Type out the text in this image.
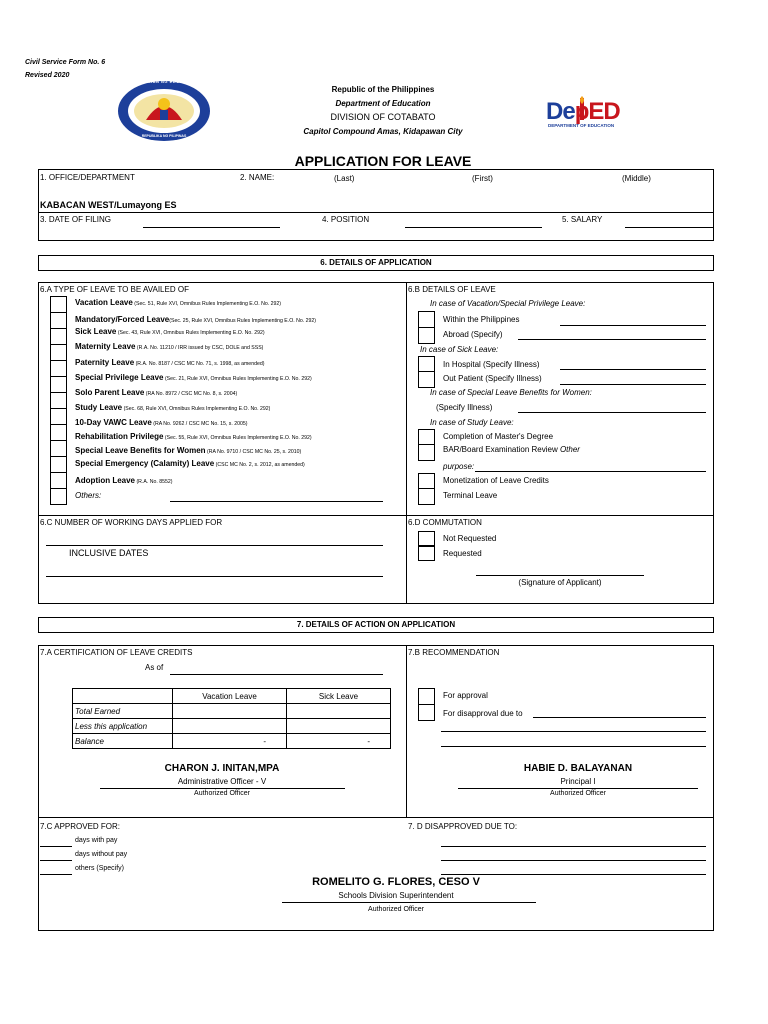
Civil Service Form No. 6
Revised 2020
KAGAWARAN NG EDUKASYON
REPUBLIKA NG PILIPINAS
Republic of the Philippines
Department of Education
DIVISION OF COTABATO
Capitol Compound Amas, Kidapawan City
DepED
DEPARTMENT OF EDUCATION
APPLICATION FOR LEAVE
1. OFFICE/DEPARTMENT	2. NAME:	(Last)	(First)	(Middle)
KABACAN WEST/Lumayong ES
3. DATE OF FILING	4. POSITION	5. SALARY
6. DETAILS OF APPLICATION
6.A TYPE OF LEAVE TO BE AVAILED OF
Vacation Leave (Sec. 51, Rule XVI, Omnibus Rules Implementing E.O. No. 292)
Mandatory/Forced Leave(Sec. 25, Rule XVI, Omnibus Rules Implementing E.O. No. 292)
Sick Leave (Sec. 43, Rule XVI, Omnibus Rules Implementing E.O. No. 292)
Maternity Leave (R.A. No. 11210 / IRR issued by CSC, DOLE and SSS)
Paternity Leave (R.A. No. 8187 / CSC MC No. 71, s. 1998, as amended)
Special Privilege Leave (Sec. 21, Rule XVI, Omnibus Rules Implementing E.O. No. 292)
Solo Parent Leave (RA No. 8972 / CSC MC No. 8, s. 2004)
Study Leave (Sec. 68, Rule XVI, Omnibus Rules Implementing E.O. No. 292)
10-Day VAWC Leave (RA No. 9262 / CSC MC No. 15, s. 2005)
Rehabilitation Privilege (Sec. 55, Rule XVI, Omnibus Rules Implementing E.O. No. 292)
Special Leave Benefits for Women (RA No. 9710 / CSC MC No. 25, s. 2010)
Special Emergency (Calamity) Leave (CSC MC No. 2, s. 2012, as amended)
Adoption Leave (R.A. No. 8552)
Others:
6.B DETAILS OF LEAVE
In case of Vacation/Special Privilege Leave:
Within the Philippines
Abroad (Specify)
In case of Sick Leave:
In Hospital (Specify Illness)
Out Patient (Specify Illness)
In case of Special Leave Benefits for Women:
(Specify Illness)
In case of Study Leave:
Completion of Master's Degree
BAR/Board Examination Review Other
purpose:
Monetization of Leave Credits
Terminal Leave
6.C NUMBER OF WORKING DAYS APPLIED FOR
INCLUSIVE DATES
6.D COMMUTATION
Not Requested
Requested
(Signature of Applicant)
7. DETAILS OF ACTION ON APPLICATION
7.A CERTIFICATION OF LEAVE CREDITS
As of
	Vacation Leave	Sick Leave
Total Earned		
Less this application		
Balance	-	-
CHARON J. INITAN,MPA
Administrative Officer - V
Authorized Officer
7.B RECOMMENDATION
For approval
For disapproval due to
HABIE D. BALAYANAN
Principal I
Authorized Officer
7.C APPROVED FOR:
days with pay
days without pay
others (Specify)
7. D DISAPPROVED DUE TO:
ROMELITO G. FLORES, CESO V
Schools Division Superintendent
Authorized Officer
